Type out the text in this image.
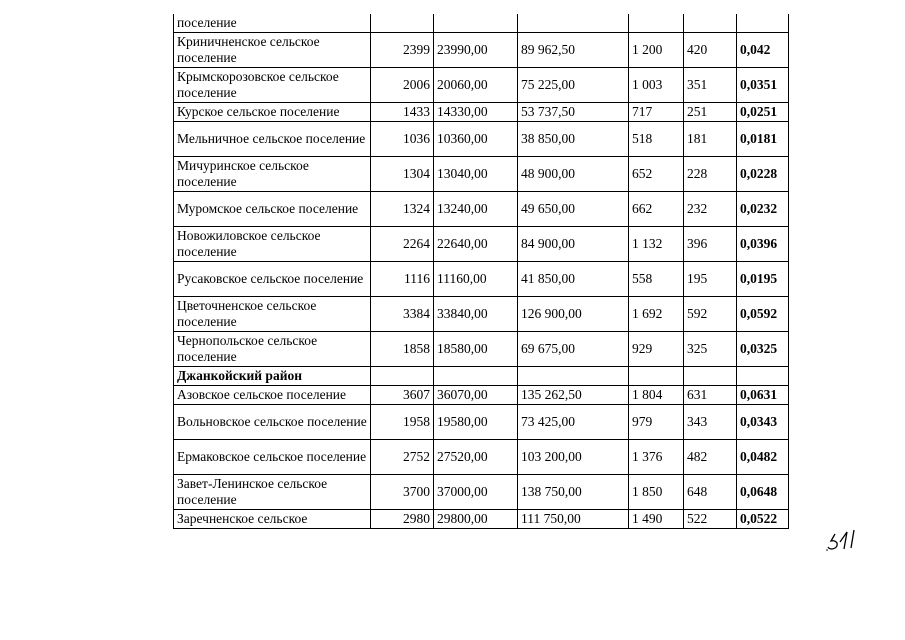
поселение						
Криничненское сельское поселение	2399	23990,00	89 962,50	1 200	420	0,042
Крымскорозовское сельское поселение	2006	20060,00	75 225,00	1 003	351	0,0351
Курское сельское поселение	1433	14330,00	53 737,50	717	251	0,0251
Мельничное сельское поселение	1036	10360,00	38 850,00	518	181	0,0181
Мичуринское сельское поселение	1304	13040,00	48 900,00	652	228	0,0228
Муромское сельское поселение	1324	13240,00	49 650,00	662	232	0,0232
Новожиловское сельское поселение	2264	22640,00	84 900,00	1 132	396	0,0396
Русаковское сельское поселение	1116	11160,00	41 850,00	558	195	0,0195
Цветочненское сельское поселение	3384	33840,00	126 900,00	1 692	592	0,0592
Чернопольское сельское поселение	1858	18580,00	69 675,00	929	325	0,0325
Джанкойский район						
Азовское сельское поселение	3607	36070,00	135 262,50	1 804	631	0,0631
Вольновское сельское поселение	1958	19580,00	73 425,00	979	343	0,0343
Ермаковское сельское поселение	2752	27520,00	103 200,00	1 376	482	0,0482
Завет-Ленинское сельское поселение	3700	37000,00	138 750,00	1 850	648	0,0648
Заречненское сельское	2980	29800,00	111 750,00	1 490	522	0,0522
